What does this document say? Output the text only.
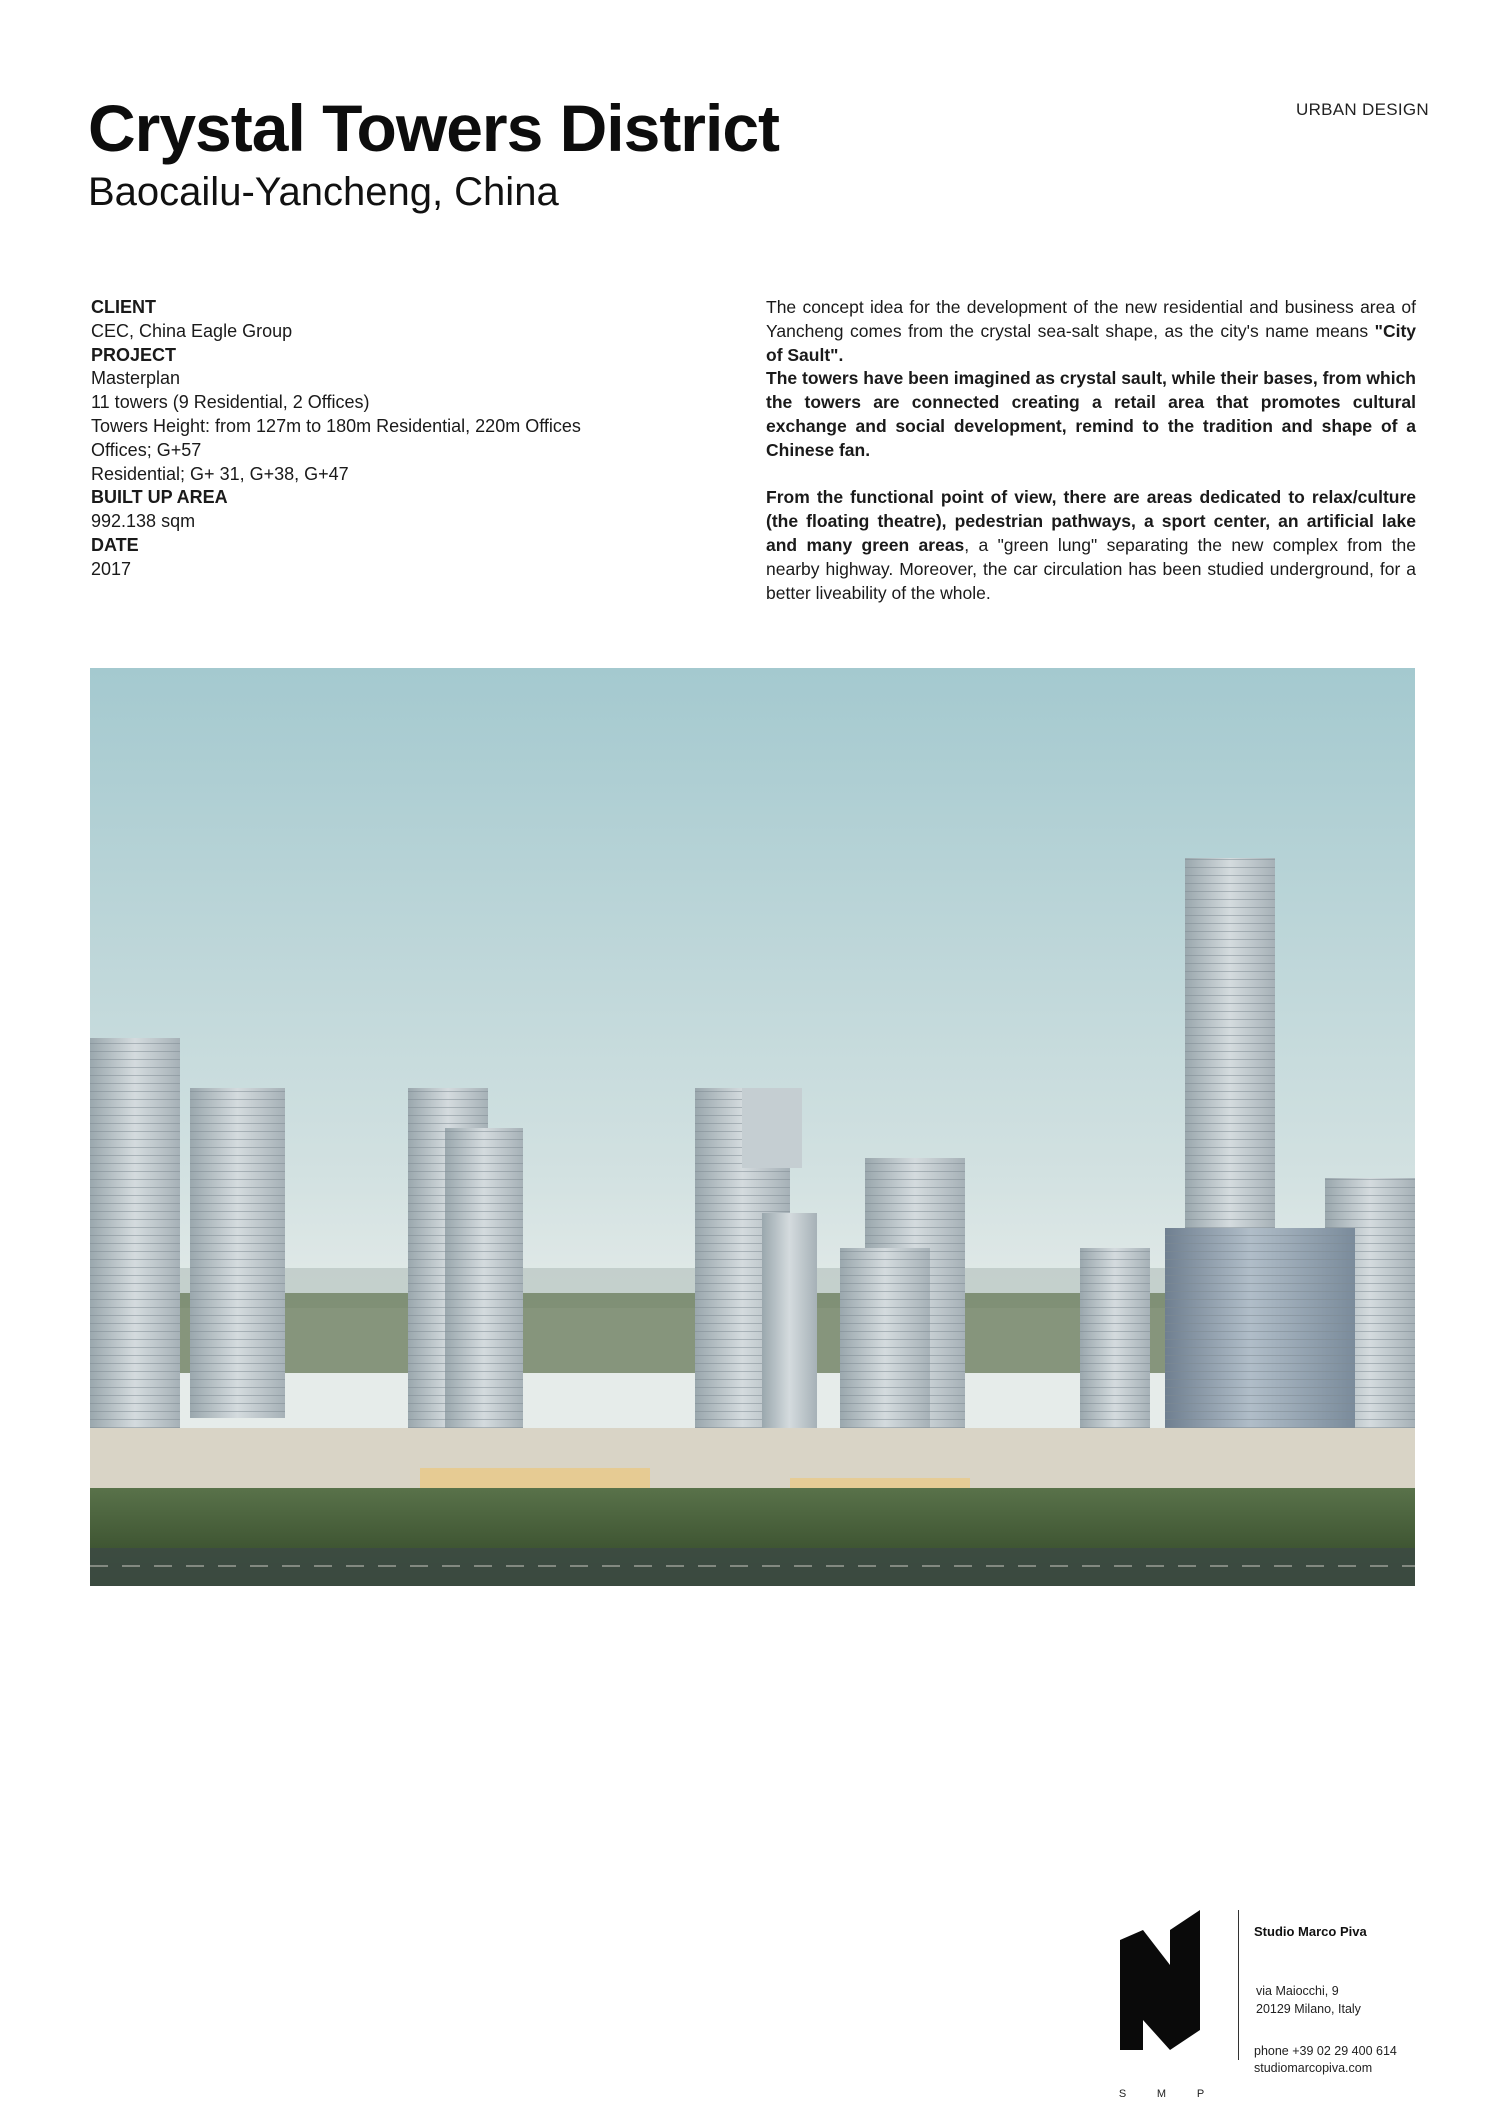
Crystal Towers District
Baocailu-Yancheng, China
URBAN DESIGN
CLIENT
CEC, China Eagle Group
PROJECT
Masterplan
11 towers (9 Residential, 2 Offices)
Towers Height: from 127m to 180m Residential, 220m Offices
Offices; G+57
Residential; G+ 31, G+38, G+47
BUILT UP AREA
992.138 sqm
DATE
2017

The concept idea for the development of the new residential and business area of Yancheng comes from the crystal sea-salt shape, as the city's name means "City of Sault".
The towers have been imagined as crystal sault, while their bases, from which the towers are connected creating a retail area that promotes cultural exchange and social development, remind to the tradition and shape of a Chinese fan.

From the functional point of view, there are areas dedicated to relax/culture (the floating theatre), pedestrian pathways, a sport center, an artificial lake and many green areas, a "green lung" separating the new complex from the nearby highway. Moreover, the car circulation has been studied underground, for a better liveability of the whole.

S	M	P
Studio Marco Piva
via Maiocchi, 9
20129 Milano, Italy
phone +39 02 29 400 614
studiomarcopiva.com
